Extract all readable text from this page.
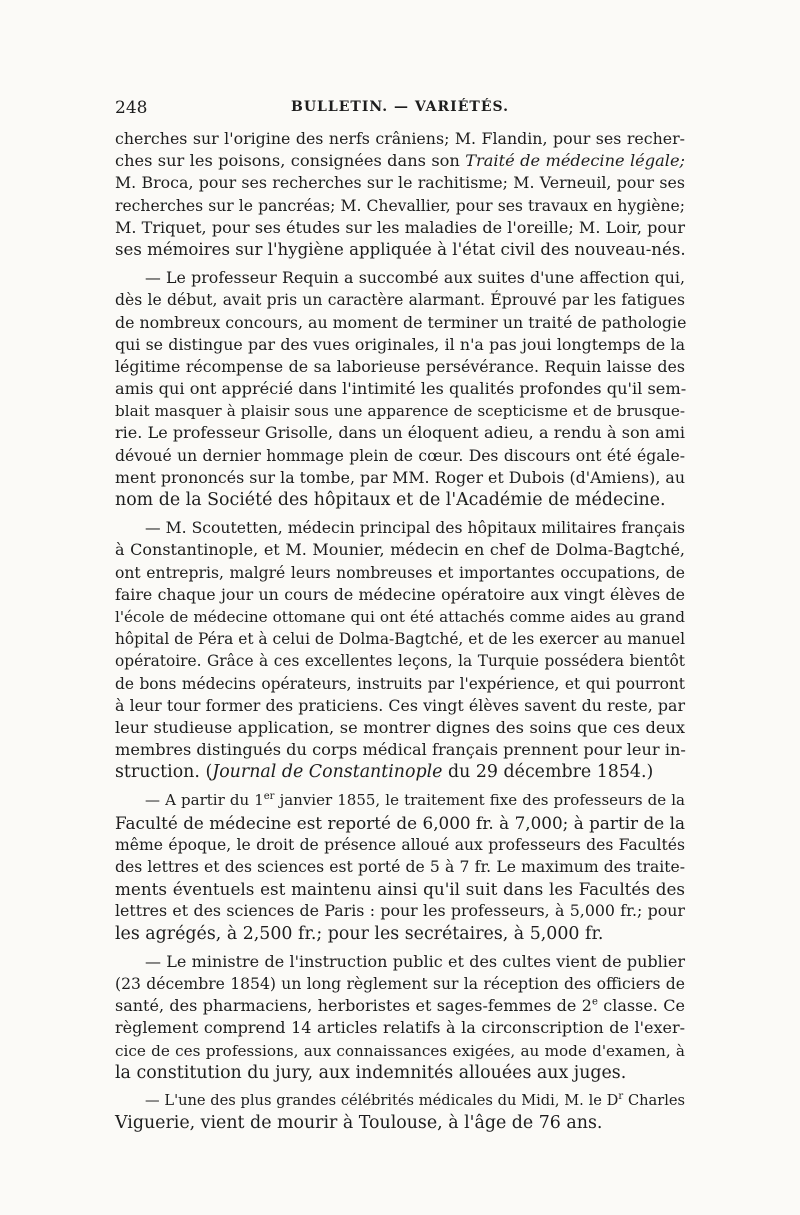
248	BULLETIN. — VARIÉTÉS.
cherches sur l'origine des nerfs crâniens; M. Flandin, pour ses recher-
ches sur les poisons, consignées dans son Traité de médecine légale;
M. Broca, pour ses recherches sur le rachitisme; M. Verneuil, pour ses
recherches sur le pancréas; M. Chevallier, pour ses travaux en hygiène;
M. Triquet, pour ses études sur les maladies de l'oreille; M. Loir, pour
ses mémoires sur l'hygiène appliquée à l'état civil des nouveau-nés.
— Le professeur Requin a succombé aux suites d'une affection qui,
dès le début, avait pris un caractère alarmant. Éprouvé par les fatigues
de nombreux concours, au moment de terminer un traité de pathologie
qui se distingue par des vues originales, il n'a pas joui longtemps de la
légitime récompense de sa laborieuse persévérance. Requin laisse des
amis qui ont apprécié dans l'intimité les qualités profondes qu'il sem-
blait masquer à plaisir sous une apparence de scepticisme et de brusque-
rie. Le professeur Grisolle, dans un éloquent adieu, a rendu à son ami
dévoué un dernier hommage plein de cœur. Des discours ont été égale-
ment prononcés sur la tombe, par MM. Roger et Dubois (d'Amiens), au
nom de la Société des hôpitaux et de l'Académie de médecine.
— M. Scoutetten, médecin principal des hôpitaux militaires français
à Constantinople, et M. Mounier, médecin en chef de Dolma-Bagtché,
ont entrepris, malgré leurs nombreuses et importantes occupations, de
faire chaque jour un cours de médecine opératoire aux vingt élèves de
l'école de médecine ottomane qui ont été attachés comme aides au grand
hôpital de Péra et à celui de Dolma-Bagtché, et de les exercer au manuel
opératoire. Grâce à ces excellentes leçons, la Turquie possédera bientôt
de bons médecins opérateurs, instruits par l'expérience, et qui pourront
à leur tour former des praticiens. Ces vingt élèves savent du reste, par
leur studieuse application, se montrer dignes des soins que ces deux
membres distingués du corps médical français prennent pour leur in-
struction. (Journal de Constantinople du 29 décembre 1854.)
— A partir du 1er janvier 1855, le traitement fixe des professeurs de la
Faculté de médecine est reporté de 6,000 fr. à 7,000; à partir de la
même époque, le droit de présence alloué aux professeurs des Facultés
des lettres et des sciences est porté de 5 à 7 fr. Le maximum des traite-
ments éventuels est maintenu ainsi qu'il suit dans les Facultés des
lettres et des sciences de Paris : pour les professeurs, à 5,000 fr.; pour
les agrégés, à 2,500 fr.; pour les secrétaires, à 5,000 fr.
— Le ministre de l'instruction public et des cultes vient de publier
(23 décembre 1854) un long règlement sur la réception des officiers de
santé, des pharmaciens, herboristes et sages-femmes de 2e classe. Ce
règlement comprend 14 articles relatifs à la circonscription de l'exer-
cice de ces professions, aux connaissances exigées, au mode d'examen, à
la constitution du jury, aux indemnités allouées aux juges.
— L'une des plus grandes célébrités médicales du Midi, M. le $D^r$ Charles
Viguerie, vient de mourir à Toulouse, à l'âge de 76 ans.
